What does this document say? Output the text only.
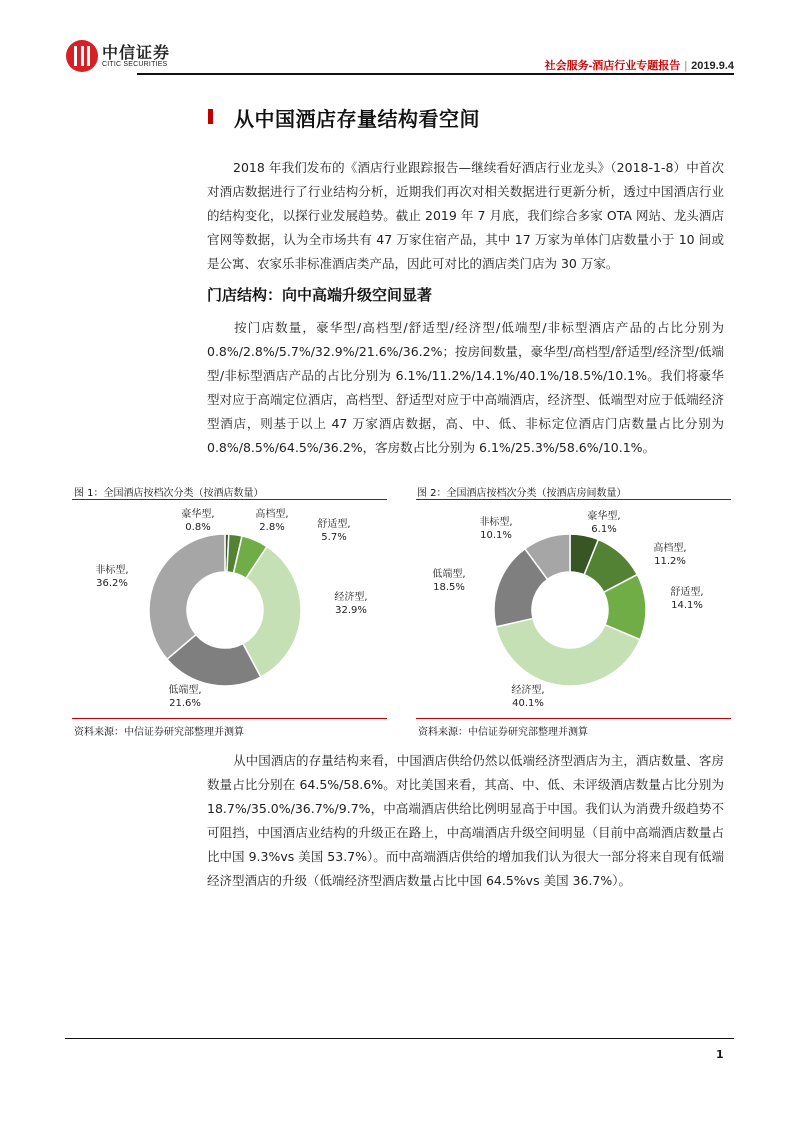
中信证券
CITIC SECURITIES	社会服务-酒店行业专题报告 | 2019.9.4
从中国酒店存量结构看空间
2018 年我们发布的《酒店行业跟踪报告—继续看好酒店行业龙头》（2018-1-8）中首次对酒店数据进行了行业结构分析，近期我们再次对相关数据进行更新分析，透过中国酒店行业的结构变化，以探行业发展趋势。截止 2019 年 7 月底，我们综合多家 OTA 网站、龙头酒店官网等数据，认为全市场共有 47 万家住宿产品，其中 17 万家为单体门店数量小于 10 间或是公寓、农家乐非标准酒店类产品，因此可对比的酒店类门店为 30 万家。
门店结构：向中高端升级空间显著
按门店数量，豪华型/高档型/舒适型/经济型/低端型/非标型酒店产品的占比分别为 0.8%/2.8%/5.7%/32.9%/21.6%/36.2%；按房间数量，豪华型/高档型/舒适型/经济型/低端型/非标型酒店产品的占比分别为 6.1%/11.2%/14.1%/40.1%/18.5%/10.1%。我们将豪华型对应于高端定位酒店，高档型、舒适型对应于中高端酒店，经济型、低端型对应于低端经济型酒店，则基于以上 47 万家酒店数据，高、中、低、非标定位酒店门店数量占比分别为 0.8%/8.5%/64.5%/36.2%，客房数占比分别为 6.1%/25.3%/58.6%/10.1%。
图 1：全国酒店按档次分类（按酒店数量）
豪华型,
0.8%
高档型,
2.8%	舒适型,
5.7%
经济型,
32.9%
低端型,
21.6%
非标型,
36.2%
资料来源：中信证券研究部整理并测算
图 2：全国酒店按档次分类（按酒店房间数量）
豪华型,
6.1%
高档型,
11.2%
舒适型,
14.1%
经济型,
40.1%
低端型,
18.5%
非标型,
10.1%
资料来源：中信证券研究部整理并测算
从中国酒店的存量结构来看，中国酒店供给仍然以低端经济型酒店为主，酒店数量、客房数量占比分别在 64.5%/58.6%。对比美国来看，其高、中、低、未评级酒店数量占比分别为 18.7%/35.0%/36.7%/9.7%，中高端酒店供给比例明显高于中国。我们认为消费升级趋势不可阻挡，中国酒店业结构的升级正在路上，中高端酒店升级空间明显（目前中高端酒店数量占比中国 9.3%vs 美国 53.7%）。而中高端酒店供给的增加我们认为很大一部分将来自现有低端经济型酒店的升级（低端经济型酒店数量占比中国 64.5%vs 美国 36.7%）。
1
